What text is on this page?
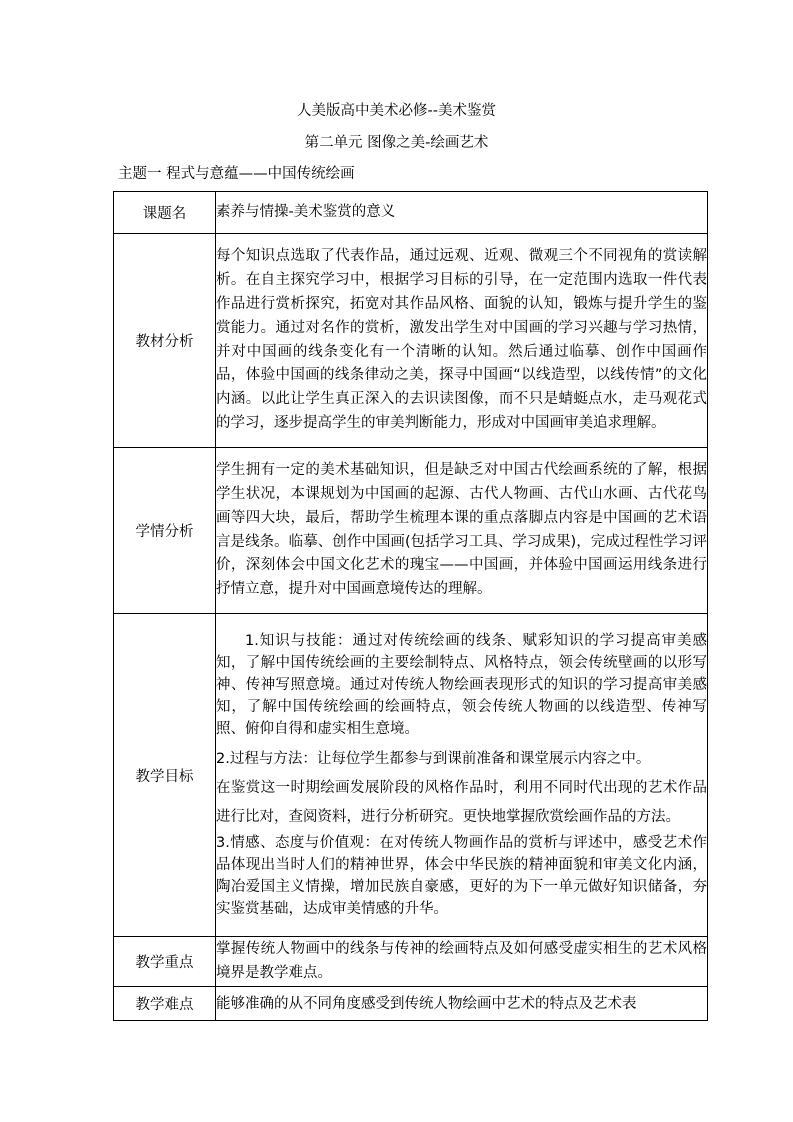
人美版高中美术必修--美术鉴赏
第二单元 图像之美-绘画艺术
主题一 程式与意蕴——中国传统绘画
课题名	素养与情操-美术鉴赏的意义
教材分析	每个知识点选取了代表作品，通过远观、近观、微观三个不同视角的赏读解析。在自主探究学习中，根据学习目标的引导，在一定范围内选取一件代表作品进行赏析探究，拓宽对其作品风格、面貌的认知，锻炼与提升学生的鉴赏能力。通过对名作的赏析，激发出学生对中国画的学习兴趣与学习热情，并对中国画的线条变化有一个清晰的认知。然后通过临摹、创作中国画作品，体验中国画的线条律动之美，探寻中国画“以线造型，以线传情”的文化内涵。以此让学生真正深入的去识读图像，而不只是蜻蜓点水，走马观花式的学习，逐步提高学生的审美判断能力，形成对中国画审美追求理解。
学情分析	学生拥有一定的美术基础知识，但是缺乏对中国古代绘画系统的了解，根据学生状况，本课规划为中国画的起源、古代人物画、古代山水画、古代花鸟画等四大块，最后，帮助学生梳理本课的重点落脚点内容是中国画的艺术语言是线条。临摹、创作中国画(包括学习工具、学习成果)，完成过程性学习评价，深刻体会中国文化艺术的瑰宝——中国画，并体验中国画运用线条进行抒情立意，提升对中国画意境传达的理解。
教学目标	1.知识与技能：通过对传统绘画的线条、赋彩知识的学习提高审美感知，了解中国传统绘画的主要绘制特点、风格特点，领会传统壁画的以形写神、传神写照意境。通过对传统人物绘画表现形式的知识的学习提高审美感知，了解中国传统绘画的绘画特点，领会传统人物画的以线造型、传神写照、俯仰自得和虚实相生意境。

2.过程与方法：让每位学生都参与到课前准备和课堂展示内容之中。

在鉴赏这一时期绘画发展阶段的风格作品时，利用不同时代出现的艺术作品进行比对，查阅资料，进行分析研究。更快地掌握欣赏绘画作品的方法。

3.情感、态度与价值观：在对传统人物画作品的赏析与评述中，感受艺术作品体现出当时人们的精神世界，体会中华民族的精神面貌和审美文化内涵，陶冶爱国主义情操，增加民族自豪感，更好的为下一单元做好知识储备，夯实鉴赏基础，达成审美情感的升华。

教学重点	掌握传统人物画中的线条与传神的绘画特点及如何感受虚实相生的艺术风格境界是教学难点。
教学难点	能够准确的从不同角度感受到传统人物绘画中艺术的特点及艺术表
